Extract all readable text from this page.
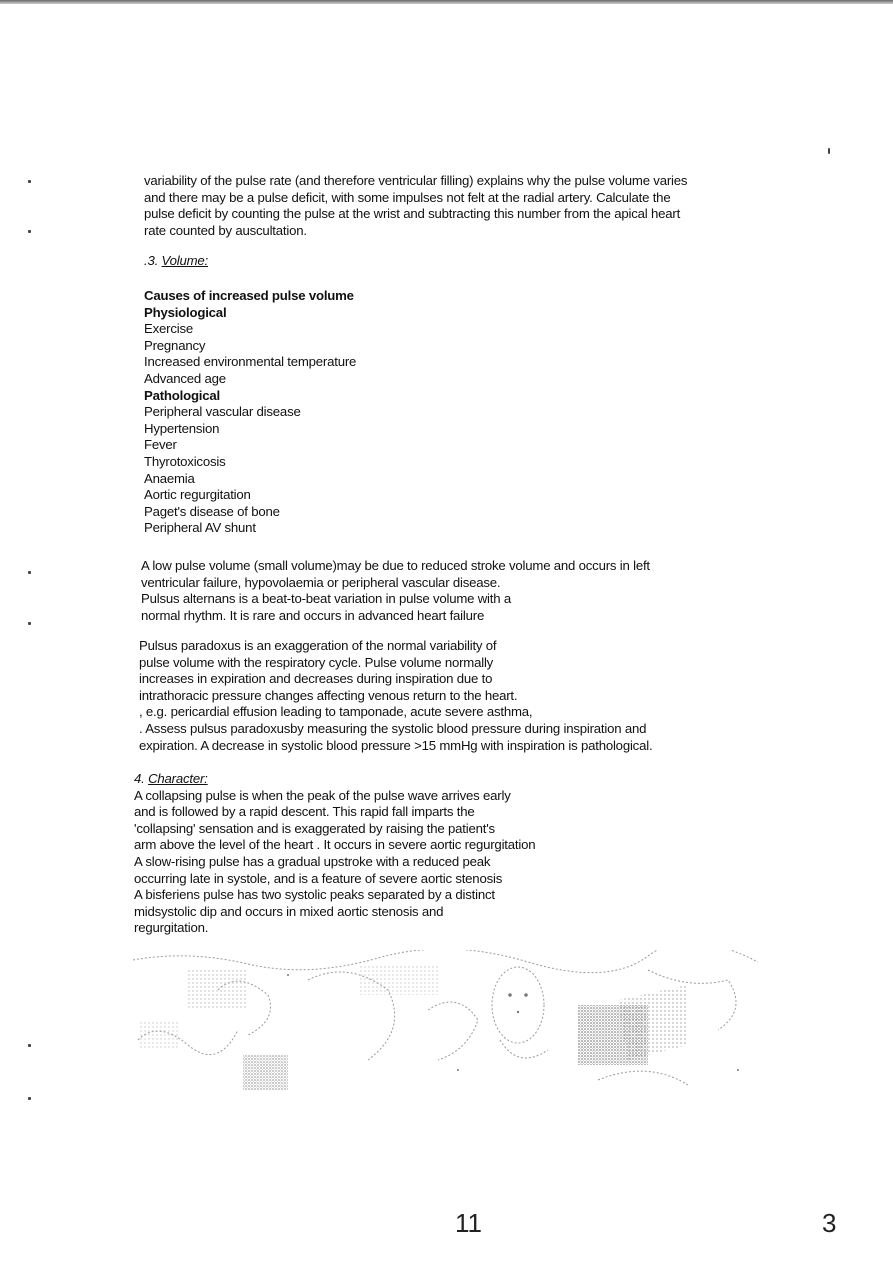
variability of the pulse rate (and therefore ventricular filling) explains why the pulse volume varies
and there may be a pulse deficit, with some impulses not felt at the radial artery. Calculate the
pulse deficit by counting the pulse at the wrist and subtracting this number from the apical heart
rate counted by auscultation.
.3. Volume:
Causes of increased pulse volume
Physiological
Exercise
Pregnancy
Increased environmental temperature
Advanced age
Pathological
Peripheral vascular disease
Hypertension
Fever
Thyrotoxicosis
Anaemia
Aortic regurgitation
Paget's disease of bone
Peripheral AV shunt
A low pulse volume (small volume)may be due to reduced stroke volume and occurs in left
ventricular failure, hypovolaemia or peripheral vascular disease.
Pulsus alternans is a beat-to-beat variation in pulse volume with a
normal rhythm. It is rare and occurs in advanced heart failure
Pulsus paradoxus is an exaggeration of the normal variability of
pulse volume with the respiratory cycle. Pulse volume normally
increases in expiration and decreases during inspiration due to
intrathoracic pressure changes affecting venous return to the heart.
, e.g. pericardial effusion leading to tamponade, acute severe asthma,
. Assess pulsus paradoxusby measuring the systolic blood pressure during inspiration and
expiration. A decrease in systolic blood pressure >15 mmHg with inspiration is pathological.
4. Character:
A collapsing pulse is when the peak of the pulse wave arrives early
and is followed by a rapid descent. This rapid fall imparts the
'collapsing' sensation and is exaggerated by raising the patient's
arm above the level of the heart . It occurs in severe aortic regurgitation
A slow-rising pulse has a gradual upstroke with a reduced peak
occurring late in systole, and is a feature of severe aortic stenosis
A bisferiens pulse has two systolic peaks separated by a distinct
midsystolic dip and occurs in mixed aortic stenosis and
regurgitation.
11	3
